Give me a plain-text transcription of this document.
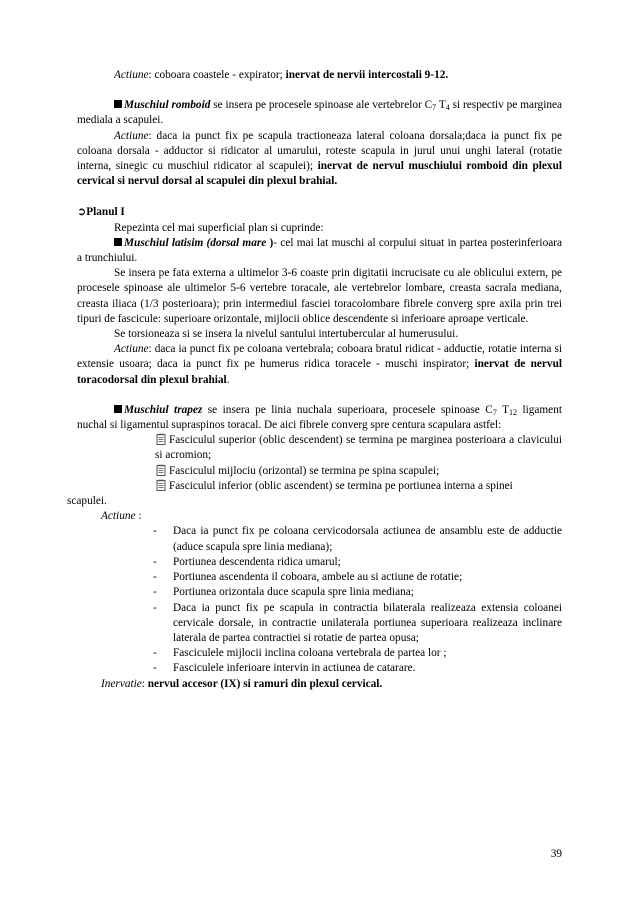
Actiune: coboara coastele - expirator; inervat de nervii intercostali 9-12.

Muschiul romboid se insera pe procesele spinoase ale vertebrelor $C_7$ $T_4$ si respectiv pe marginea mediala a scapulei.

Actiune: daca ia punct fix pe scapula tractioneaza lateral coloana dorsala;daca ia punct fix pe coloana dorsala - adductor si ridicator al umarului, roteste scapula in jurul unui unghi lateral (rotatie interna, sinegic cu muschiul ridicator al scapulei); inervat de nervul muschiului romboid din plexul cervical si nervul dorsal al scapulei din plexul brahial.

➲Planul I

Repezinta cel mai superficial plan si cuprinde:

Muschiul latisim (dorsal mare )- cel mai lat muschi al corpului situat in partea posterinferioara a trunchiului.

Se insera pe fata externa a ultimelor 3-6 coaste prin digitatii incrucisate cu ale oblicului extern, pe procesele spinoase ale ultimelor 5-6 vertebre toracale, ale vertebrelor lombare, creasta sacrala mediana, creasta iliaca (1/3 posterioara); prin intermediul fasciei toracolombare fibrele converg spre axila prin trei tipuri de fascicule: superioare orizontale, mijlocii oblice descendente si inferioare aproape verticale.

Se torsioneaza si se insera la nivelul santului intertubercular al humerusului.

Actiune: daca ia punct fix pe coloana vertebrala; coboara bratul ridicat - adductie, rotatie interna si extensie usoara; daca ia punct fix pe humerus ridica toracele - muschi inspirator; inervat de nervul toracodorsal din plexul brahial.

Muschiul trapez se insera pe linia nuchala superioara, procesele spinoase $C_7$ $T_{12}$ ligament nuchal si ligamentul supraspinos toracal. De aici fibrele converg spre centura scapulara astfel:

Fasciculul superior (oblic descendent) se termina pe marginea posterioara a clavicului si acromion;

Fasciculul mijlociu (orizontal) se termina pe spina scapulei;

Fasciculul inferior (oblic ascendent) se termina pe portiunea interna a spinei

scapulei.

Actiune :

- Daca ia punct fix pe coloana cervicodorsala actiunea de ansamblu este de adductie (aduce scapula spre linia mediana);

- Portiunea descendenta ridica umarul;

- Portiunea ascendenta il coboara, ambele au si actiune de rotatie;

- Portiunea orizontala duce scapula spre linia mediana;

- Daca ia punct fix pe scapula in contractia bilaterala realizeaza extensia coloanei cervicale dorsale, in contractie unilaterala portiunea superioara realizeaza inclinare laterala de partea contractiei si rotatie de partea opusa;

- Fasciculele mijlocii inclina coloana vertebrala de partea lor ;

- Fasciculele inferioare intervin in actiunea de catarare.

Inervatie: nervul accesor (IX) si ramuri din plexul cervical.

39
